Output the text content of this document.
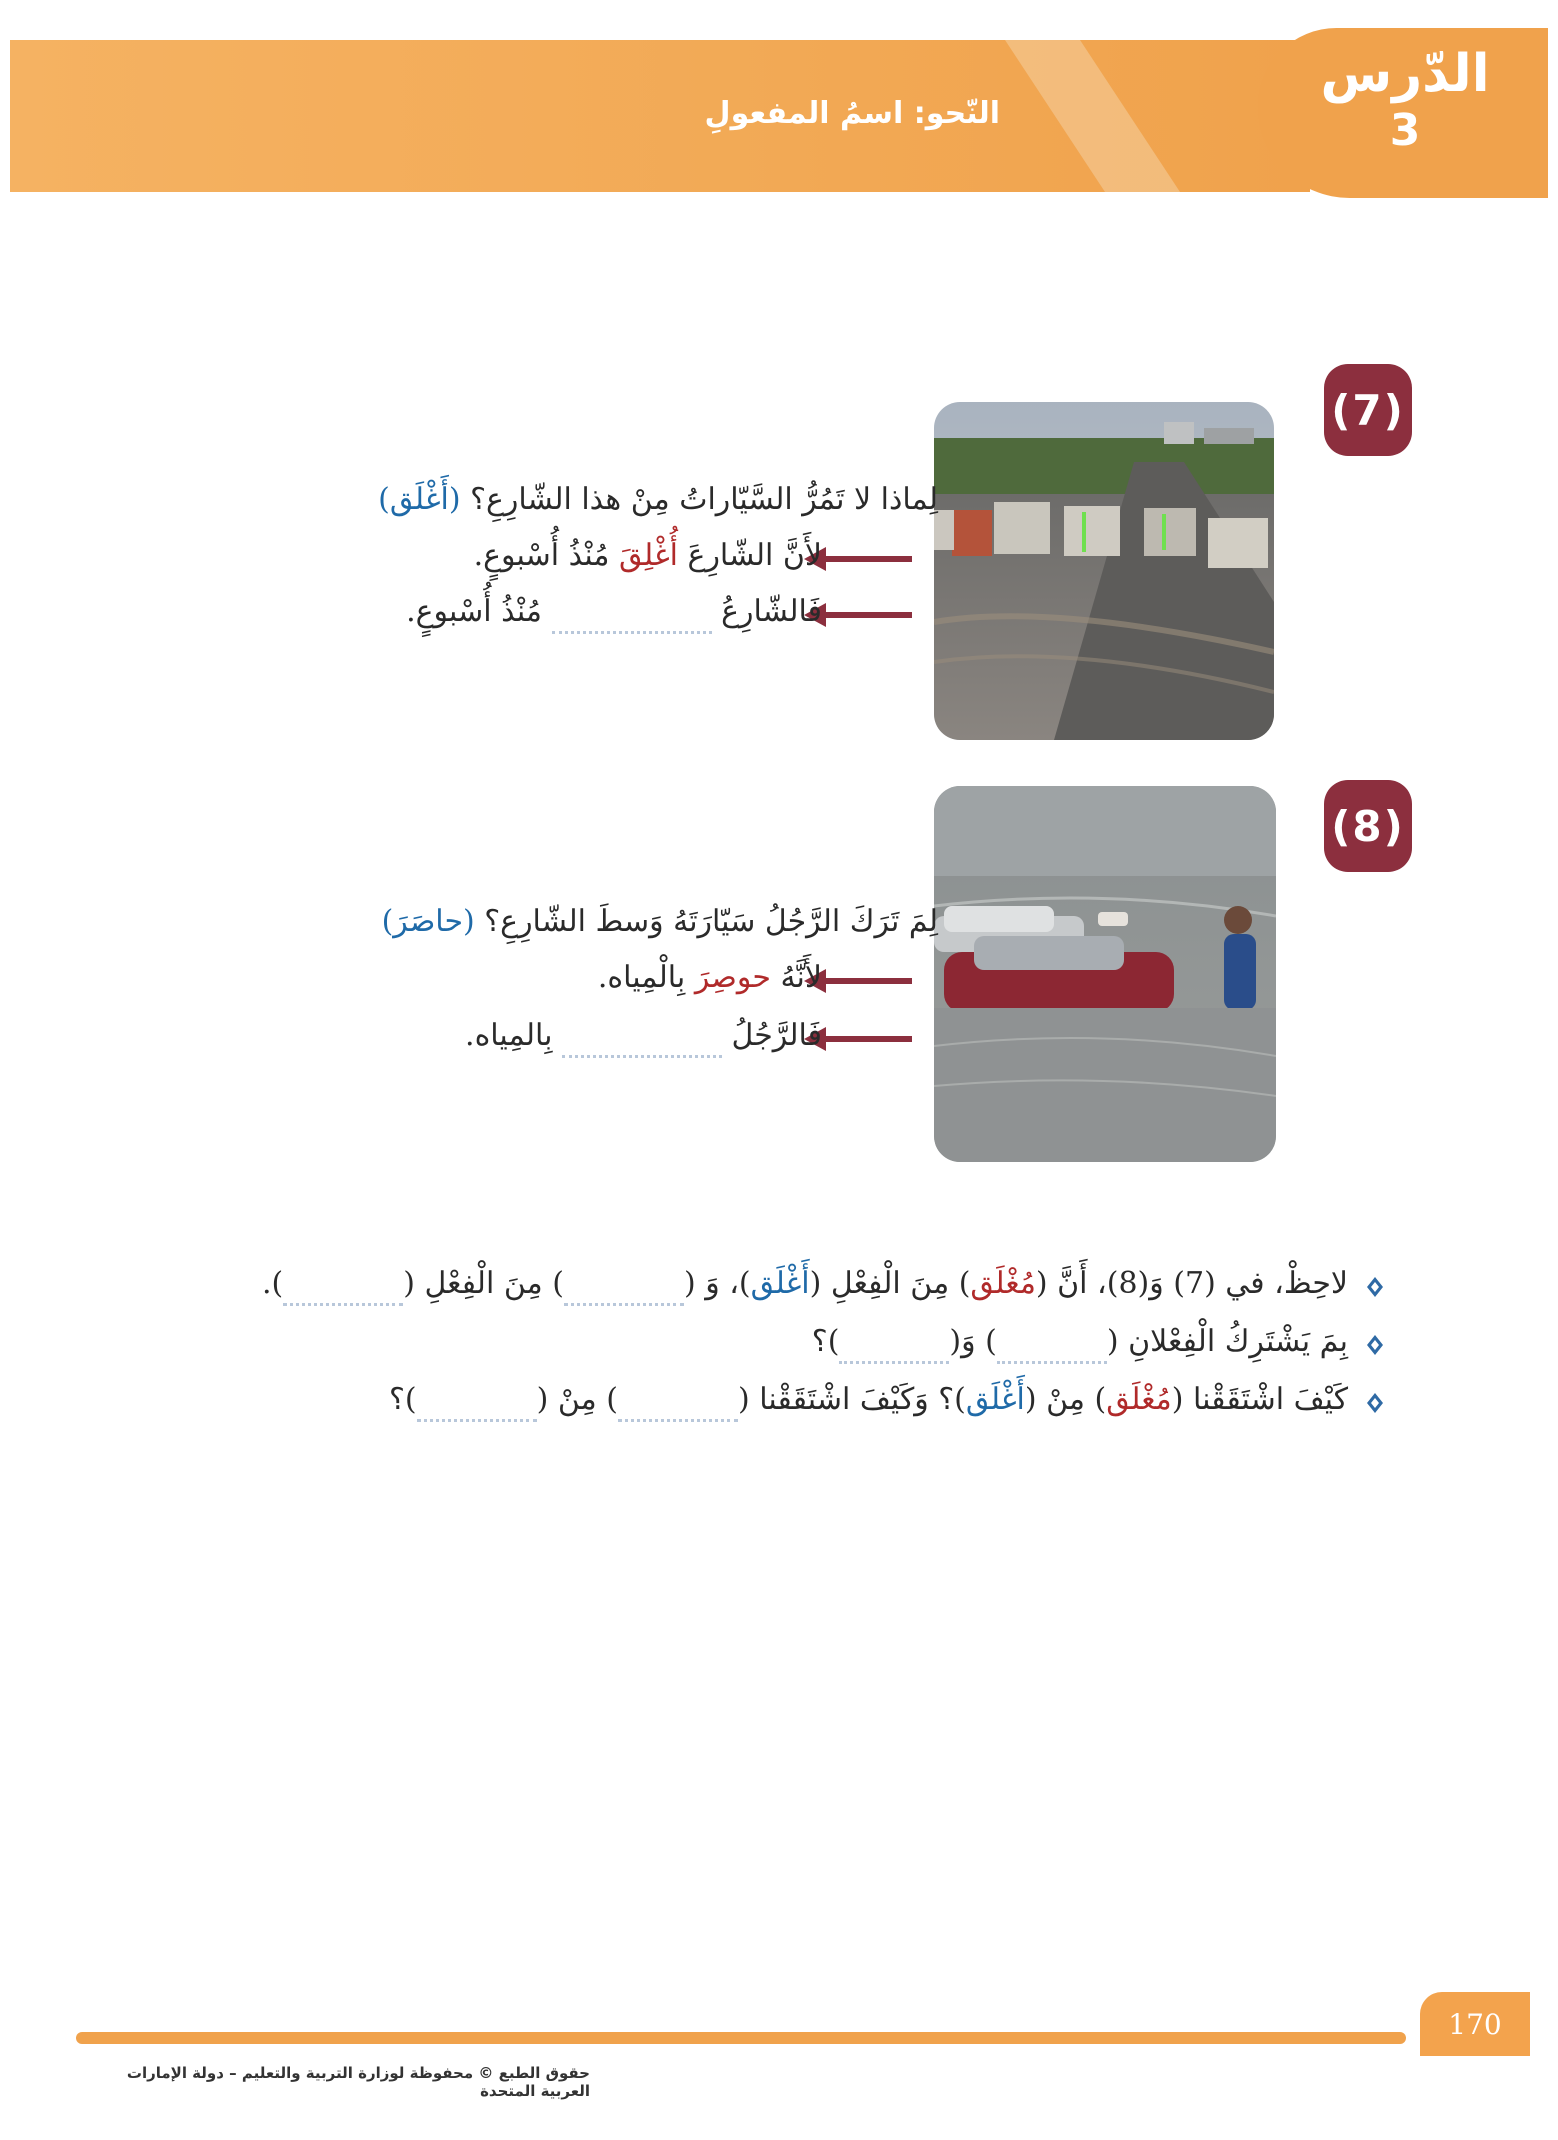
الدّرس
3
النّحو: اسمُ المفعولِ
(7)
لِماذا لا تَمُرُّ السَّيّاراتُ مِنْ هذا الشّارِعِ؟ (أَغْلَق)
لأَنَّ الشّارِعَ أُغْلِقَ مُنْذُ أُسْبوعٍ.
فَالشّارِعُ  مُنْذُ أُسْبوعٍ.
(8)
لِمَ تَرَكَ الرَّجُلُ سَيّارَتَهُ وَسطَ الشّارِعِ؟ (حاصَرَ)
لأَنَّهُ حوصِرَ بِالْمِياه.
فَالرَّجُلُ  بِالمِياه.
لاحِظْ، في (7) وَ(8)، أَنَّ (مُغْلَق) مِنَ الْفِعْلِ (أَغْلَق)، وَ () مِنَ الْفِعْلِ ().
بِمَ يَشْتَرِكُ الْفِعْلانِ () وَ()؟
كَيْفَ اشْتَقَقْنا (مُغْلَق) مِنْ (أَغْلَق)؟ وَكَيْفَ اشْتَقَقْنا () مِنْ ()؟
170
حقوق الطبع © محفوظة لوزارة التربية والتعليم – دولة الإمارات العربية المتحدة
